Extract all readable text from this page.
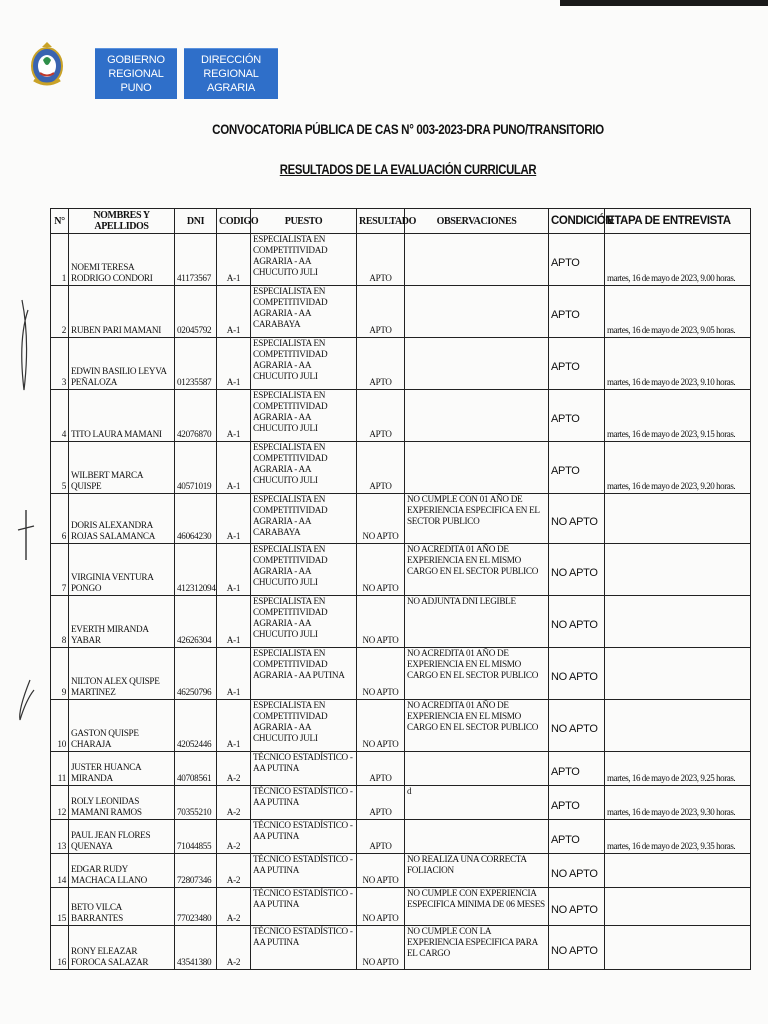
GOBIERNO
REGIONAL PUNO
DIRECCIÓN
REGIONAL AGRARIA
CONVOCATORIA PÚBLICA DE CAS N° 003-2023-DRA PUNO/TRANSITORIO
RESULTADOS DE LA EVALUACIÓN CURRICULAR
N°	NOMBRES Y APELLIDOS	DNI	CODIGO	PUESTO	RESULTADO	OBSERVACIONES	CONDICIÓN	ETAPA DE ENTREVISTA
1	NOEMI TERESA RODRIGO CONDORI	41173567	A-1	ESPECIALISTA EN COMPETITIVIDAD AGRARIA - AA CHUCUITO JULI	APTO		APTO	martes, 16 de mayo de 2023, 9.00 horas.
2	RUBEN PARI MAMANI	02045792	A-1	ESPECIALISTA EN COMPETITIVIDAD AGRARIA - AA CARABAYA	APTO		APTO	martes, 16 de mayo de 2023, 9.05 horas.
3	EDWIN BASILIO LEYVA PEÑALOZA	01235587	A-1	ESPECIALISTA EN COMPETITIVIDAD AGRARIA - AA CHUCUITO JULI	APTO		APTO	martes, 16 de mayo de 2023, 9.10 horas.
4	TITO LAURA MAMANI	42076870	A-1	ESPECIALISTA EN COMPETITIVIDAD AGRARIA - AA CHUCUITO JULI	APTO		APTO	martes, 16 de mayo de 2023, 9.15 horas.
5	WILBERT MARCA QUISPE	40571019	A-1	ESPECIALISTA EN COMPETITIVIDAD AGRARIA - AA CHUCUITO JULI	APTO		APTO	martes, 16 de mayo de 2023, 9.20 horas.
6	DORIS ALEXANDRA ROJAS SALAMANCA	46064230	A-1	ESPECIALISTA EN COMPETITIVIDAD AGRARIA - AA CARABAYA	NO APTO	NO CUMPLE CON 01 AÑO DE EXPERIENCIA ESPECIFICA EN EL SECTOR PUBLICO	NO APTO	
7	VIRGINIA VENTURA PONGO	412312094	A-1	ESPECIALISTA EN COMPETITIVIDAD AGRARIA - AA CHUCUITO JULI	NO APTO	NO ACREDITA 01 AÑO DE EXPERIENCIA EN EL MISMO CARGO EN EL SECTOR PUBLICO	NO APTO	
8	EVERTH MIRANDA YABAR	42626304	A-1	ESPECIALISTA EN COMPETITIVIDAD AGRARIA - AA CHUCUITO JULI	NO APTO	NO ADJUNTA DNI LEGIBLE	NO APTO	
9	NILTON ALEX QUISPE MARTINEZ	46250796	A-1	ESPECIALISTA EN COMPETITIVIDAD AGRARIA - AA PUTINA	NO APTO	NO ACREDITA 01 AÑO DE EXPERIENCIA EN EL MISMO CARGO EN EL SECTOR PUBLICO	NO APTO	
10	GASTON QUISPE CHARAJA	42052446	A-1	ESPECIALISTA EN COMPETITIVIDAD AGRARIA - AA CHUCUITO JULI	NO APTO	NO ACREDITA 01 AÑO DE EXPERIENCIA EN EL MISMO CARGO EN EL SECTOR PUBLICO	NO APTO	
11	JUSTER HUANCA MIRANDA	40708561	A-2	TÉCNICO ESTADÍSTICO - AA PUTINA	APTO		APTO	martes, 16 de mayo de 2023, 9.25 horas.
12	ROLY LEONIDAS MAMANI RAMOS	70355210	A-2	TÉCNICO ESTADÍSTICO - AA PUTINA	APTO	d	APTO	martes, 16 de mayo de 2023, 9.30 horas.
13	PAUL JEAN FLORES QUENAYA	71044855	A-2	TÉCNICO ESTADÍSTICO - AA PUTINA	APTO		APTO	martes, 16 de mayo de 2023, 9.35 horas.
14	EDGAR RUDY MACHACA LLANO	72807346	A-2	TÉCNICO ESTADÍSTICO - AA PUTINA	NO APTO	NO REALIZA UNA CORRECTA FOLIACION	NO APTO	
15	BETO VILCA BARRANTES	77023480	A-2	TÉCNICO ESTADÍSTICO - AA PUTINA	NO APTO	NO CUMPLE CON EXPERIENCIA ESPECIFICA MINIMA DE 06 MESES	NO APTO	
16	RONY ELEAZAR FOROCA SALAZAR	43541380	A-2	TÉCNICO ESTADÍSTICO - AA PUTINA	NO APTO	NO CUMPLE CON LA EXPERIENCIA ESPECIFICA PARA EL CARGO	NO APTO	
